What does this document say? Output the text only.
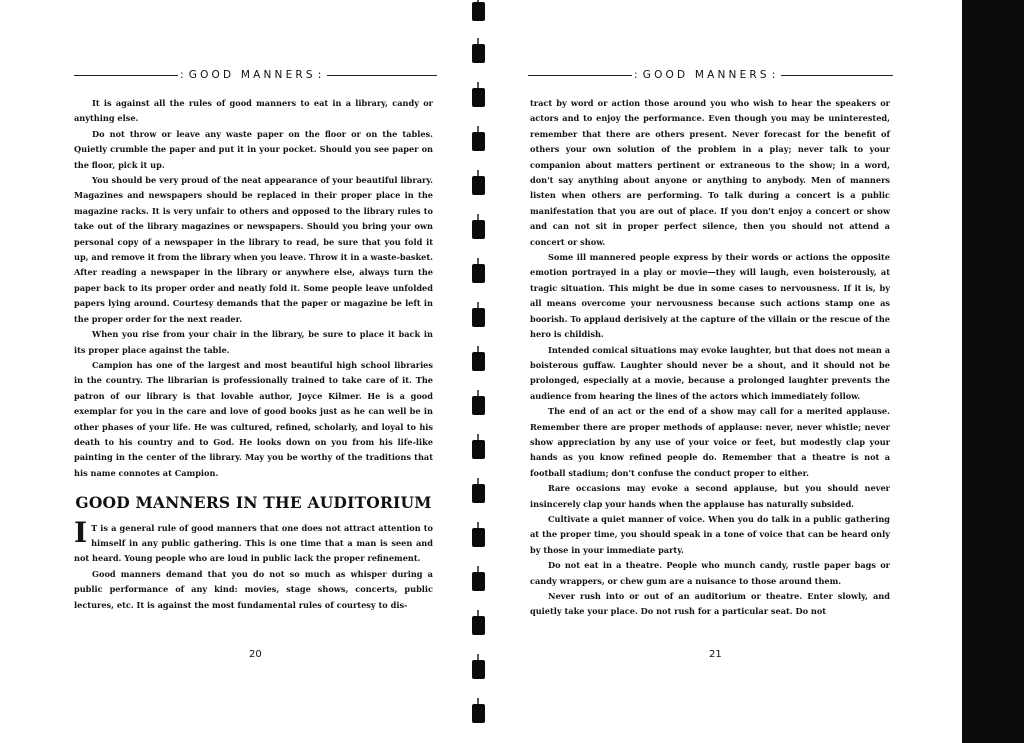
: GOOD MANNERS :

It is against all the rules of good manners to eat in a library, candy or anything else.

Do not throw or leave any waste paper on the floor or on the tables. Quietly crumble the paper and put it in your pocket. Should you see paper on the floor, pick it up.

You should be very proud of the neat appearance of your beautiful library. Magazines and newspapers should be replaced in their proper place in the magazine racks. It is very unfair to others and opposed to the library rules to take out of the library magazines or newspapers. Should you bring your own personal copy of a newspaper in the library to read, be sure that you fold it up, and remove it from the library when you leave. Throw it in a waste-basket. After reading a newspaper in the library or anywhere else, always turn the paper back to its proper order and neatly fold it. Some people leave unfolded papers lying around. Courtesy demands that the paper or magazine be left in the proper order for the next reader.

When you rise from your chair in the library, be sure to place it back in its proper place against the table.

Campion has one of the largest and most beautiful high school libraries in the country. The librarian is professionally trained to take care of it. The patron of our library is that lovable author, Joyce Kilmer. He is a good exemplar for you in the care and love of good books just as he can well be in other phases of your life. He was cultured, refined, scholarly, and loyal to his death to his country and to God. He looks down on you from his life-like painting in the center of the library. May you be worthy of the traditions that his name connotes at Campion.

GOOD MANNERS IN THE AUDITORIUM

I T is a general rule of good manners that one does not attract attention to himself in any public gathering. This is one time that a man is seen and not heard. Young people who are loud in public lack the proper refinement.

Good manners demand that you do not so much as whisper during a public performance of any kind: movies, stage shows, concerts, public lectures, etc. It is against the most fundamental rules of courtesy to dis-

20
: GOOD MANNERS :

tract by word or action those around you who wish to hear the speakers or actors and to enjoy the performance. Even though you may be uninterested, remember that there are others present. Never forecast for the benefit of others your own solution of the problem in a play; never talk to your companion about matters pertinent or extraneous to the show; in a word, don't say anything about anyone or anything to anybody. Men of manners listen when others are performing. To talk during a concert is a public manifestation that you are out of place. If you don't enjoy a concert or show and can not sit in proper perfect silence, then you should not attend a concert or show.

Some ill mannered people express by their words or actions the opposite emotion portrayed in a play or movie—they will laugh, even boisterously, at tragic situation. This might be due in some cases to nervousness. If it is, by all means overcome your nervousness because such actions stamp one as boorish. To applaud derisively at the capture of the villain or the rescue of the hero is childish.

Intended comical situations may evoke laughter, but that does not mean a boisterous guffaw. Laughter should never be a shout, and it should not be prolonged, especially at a movie, because a prolonged laughter prevents the audience from hearing the lines of the actors which immediately follow.

The end of an act or the end of a show may call for a merited applause. Remember there are proper methods of applause: never, never whistle; never show appreciation by any use of your voice or feet, but modestly clap your hands as you know refined people do. Remember that a theatre is not a football stadium; don't confuse the conduct proper to either.

Rare occasions may evoke a second applause, but you should never insincerely clap your hands when the applause has naturally subsided.

Cultivate a quiet manner of voice. When you do talk in a public gathering at the proper time, you should speak in a tone of voice that can be heard only by those in your immediate party.

Do not eat in a theatre. People who munch candy, rustle paper bags or candy wrappers, or chew gum are a nuisance to those around them.

Never rush into or out of an auditorium or theatre. Enter slowly, and quietly take your place. Do not rush for a particular seat. Do not

21
